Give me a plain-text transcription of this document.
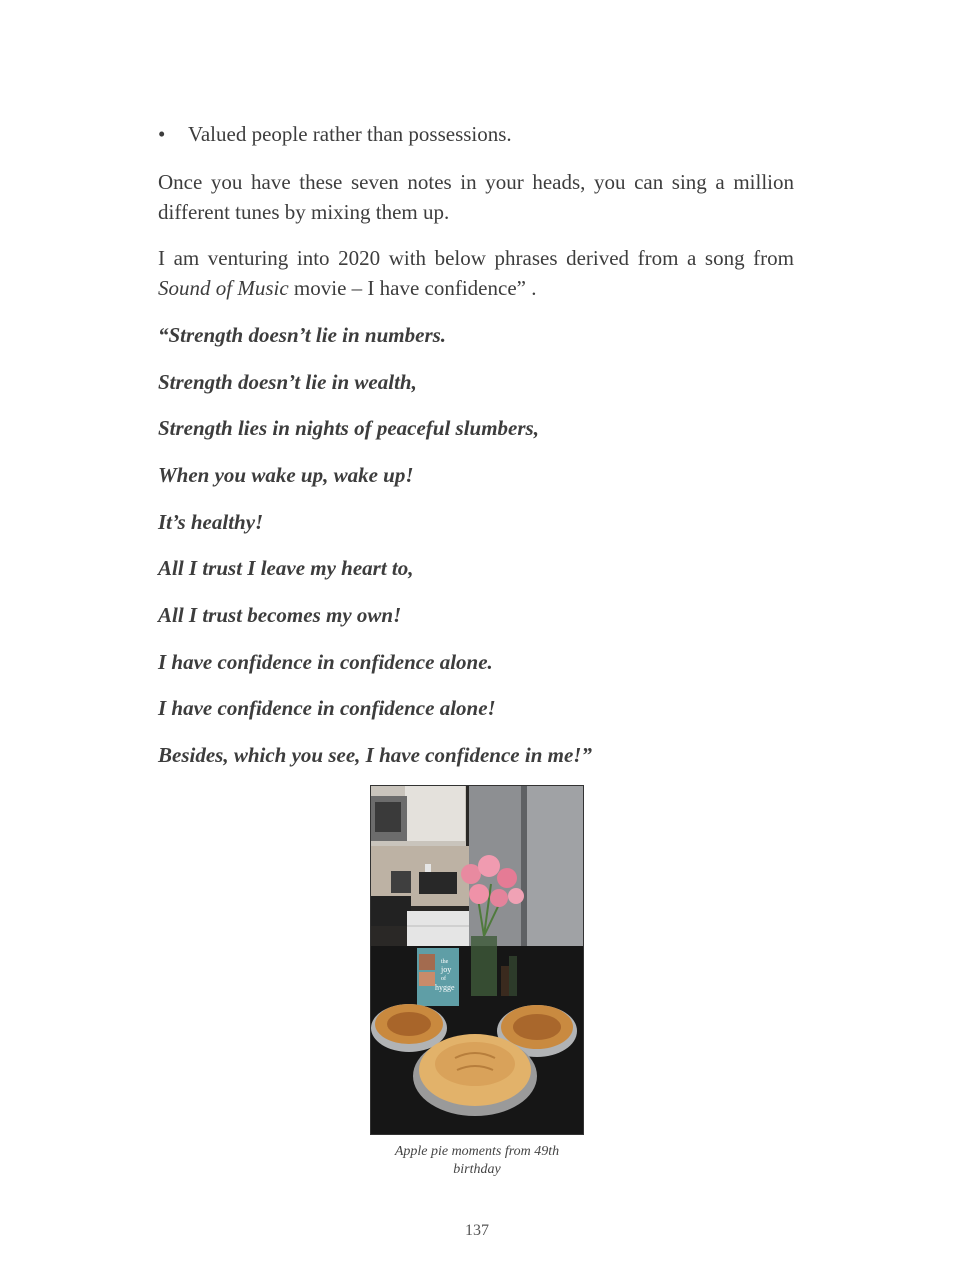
• Valued people rather than possessions.

Once you have these seven notes in your heads, you can sing a million different tunes by mixing them up.

I am venturing into 2020 with below phrases derived from a song from Sound of Music movie – I have confidence” .

“Strength doesn’t lie in numbers.

Strength doesn’t lie in wealth,

Strength lies in nights of peaceful slumbers,

When you wake up, wake up!

It’s healthy!

All I trust I leave my heart to,

All I trust becomes my own!

I have confidence in confidence alone.

I have confidence in confidence alone!

Besides, which you see, I have confidence in me!”

the
joy
of
hygge

Apple pie moments from 49th
birthday

137
